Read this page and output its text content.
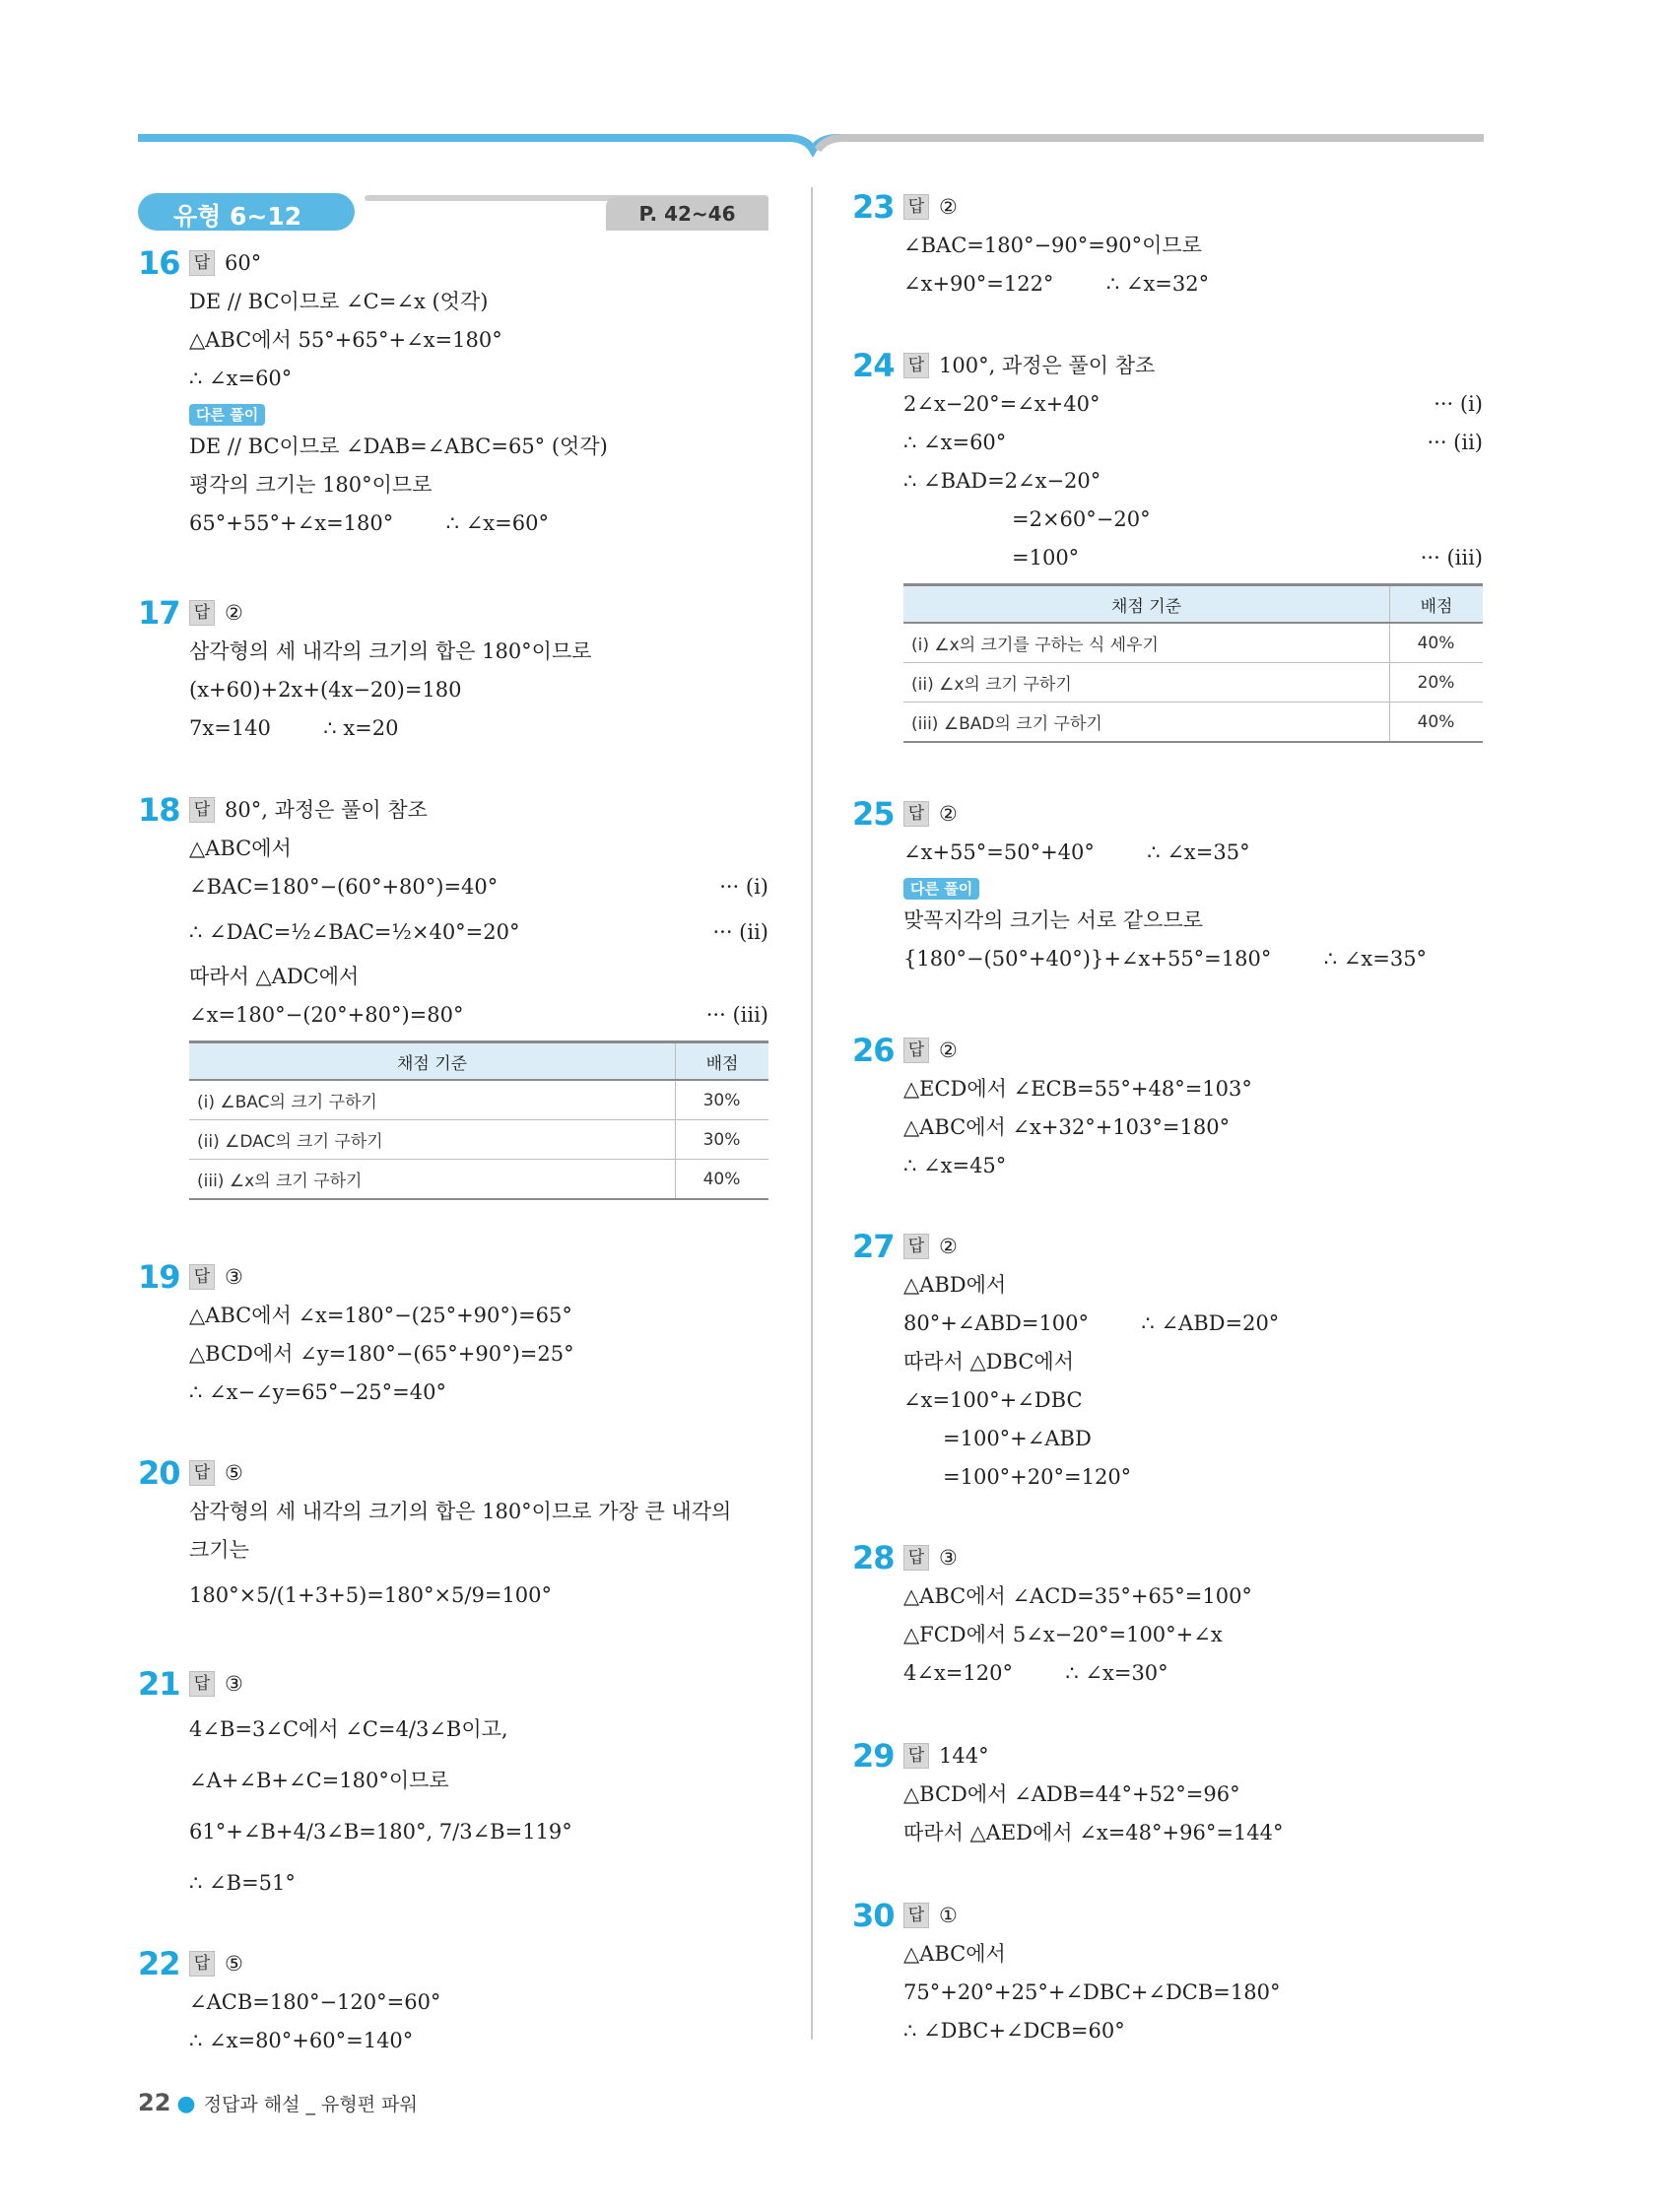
유형 6~12	P. 42~46
16 답 60°
DE // BC이므로 ∠C=∠x (엇각)
△ABC에서 55°+65°+∠x=180°
∴ ∠x=60°
다른 풀이
DE // BC이므로 ∠DAB=∠ABC=65° (엇각)
평각의 크기는 180°이므로
65°+55°+∠x=180°        ∴ ∠x=60°
17 답 ②
삼각형의 세 내각의 크기의 합은 180°이므로
(x+60)+2x+(4x−20)=180
7x=140        ∴ x=20
18 답 80°, 과정은 풀이 참조
△ABC에서
∠BAC=180°−(60°+80°)=40°	··· (i)
∴ ∠DAC=½∠BAC=½×40°=20°	··· (ii)
따라서 △ADC에서
∠x=180°−(20°+80°)=80°	··· (iii)
채점 기준	배점
(i) ∠BAC의 크기 구하기	30%
(ii) ∠DAC의 크기 구하기	30%
(iii) ∠x의 크기 구하기	40%
19 답 ③
△ABC에서 ∠x=180°−(25°+90°)=65°
△BCD에서 ∠y=180°−(65°+90°)=25°
∴ ∠x−∠y=65°−25°=40°
20 답 ⑤
삼각형의 세 내각의 크기의 합은 180°이므로 가장 큰 내각의
크기는
180°×5/(1+3+5)=180°×5/9=100°
21 답 ③
4∠B=3∠C에서 ∠C=4/3∠B이고,
∠A+∠B+∠C=180°이므로
61°+∠B+4/3∠B=180°, 7/3∠B=119°
∴ ∠B=51°
22 답 ⑤
∠ACB=180°−120°=60°
∴ ∠x=80°+60°=140°
23 답 ②
∠BAC=180°−90°=90°이므로
∠x+90°=122°        ∴ ∠x=32°
24 답 100°, 과정은 풀이 참조
2∠x−20°=∠x+40°	··· (i)
∴ ∠x=60°	··· (ii)
∴ ∠BAD=2∠x−20°
=2×60°−20°
=100°	··· (iii)
채점 기준	배점
(i) ∠x의 크기를 구하는 식 세우기	40%
(ii) ∠x의 크기 구하기	20%
(iii) ∠BAD의 크기 구하기	40%
25 답 ②
∠x+55°=50°+40°        ∴ ∠x=35°
다른 풀이
맞꼭지각의 크기는 서로 같으므로
{180°−(50°+40°)}+∠x+55°=180°        ∴ ∠x=35°
26 답 ②
△ECD에서 ∠ECB=55°+48°=103°
△ABC에서 ∠x+32°+103°=180°
∴ ∠x=45°
27 답 ②
△ABD에서
80°+∠ABD=100°        ∴ ∠ABD=20°
따라서 △DBC에서
∠x=100°+∠DBC
=100°+∠ABD
=100°+20°=120°
28 답 ③
△ABC에서 ∠ACD=35°+65°=100°
△FCD에서 5∠x−20°=100°+∠x
4∠x=120°        ∴ ∠x=30°
29 답 144°
△BCD에서 ∠ADB=44°+52°=96°
따라서 △AED에서 ∠x=48°+96°=144°
30 답 ①
△ABC에서
75°+20°+25°+∠DBC+∠DCB=180°
∴ ∠DBC+∠DCB=60°
22 ● 정답과 해설 _ 유형편 파워
